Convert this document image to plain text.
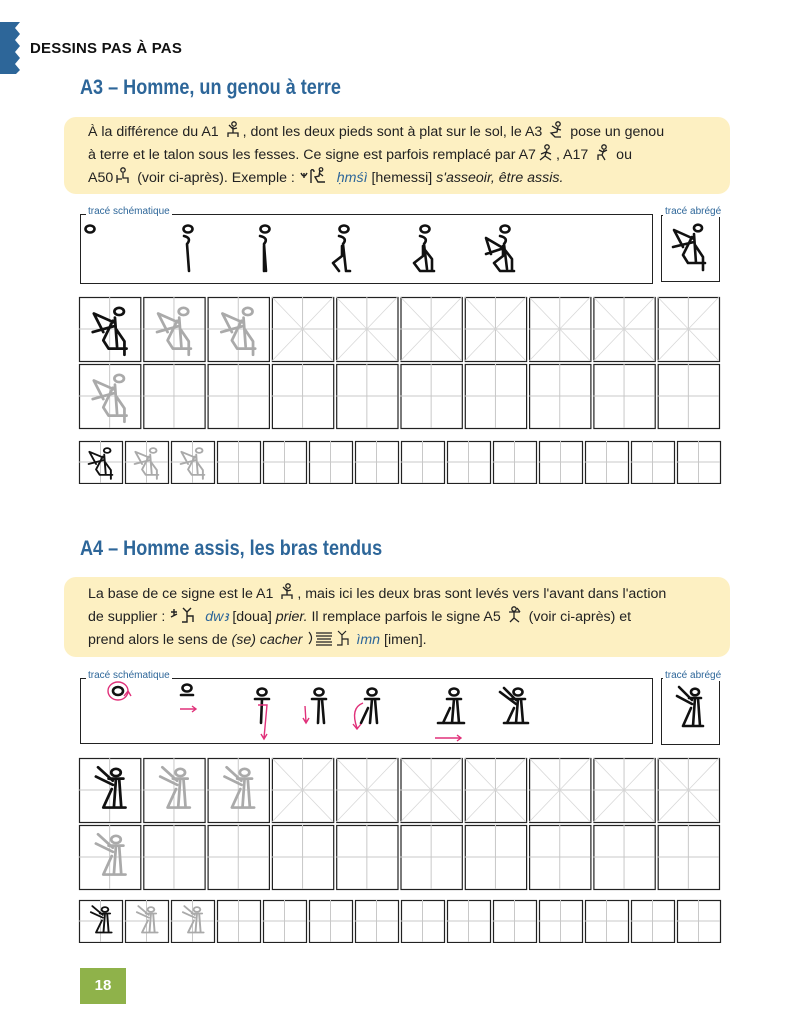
DESSINS PAS À PAS
A3 – Homme, un genou à terre
À la différence du A1 , dont les deux pieds sont à plat sur le sol, le A3  pose un genou
à terre et le talon sous les fesses. Ce signe est parfois remplacé par A7 , A17  ou
A50 (voir ci-après). Exemple :	ḥmśì [hemessi] s'asseoir, être assis.
tracé schématique	tracé abrégé
A4 – Homme assis, les bras tendus
La base de ce signe est le A1 , mais ici les deux bras sont levés vers l'avant dans l'action
de supplier :	dwꜣ [doua] prier. Il remplace parfois le signe A5  (voir ci-après) et
prend alors le sens de (se) cacher	ìmn [imen].
tracé schématique	tracé abrégé
18
